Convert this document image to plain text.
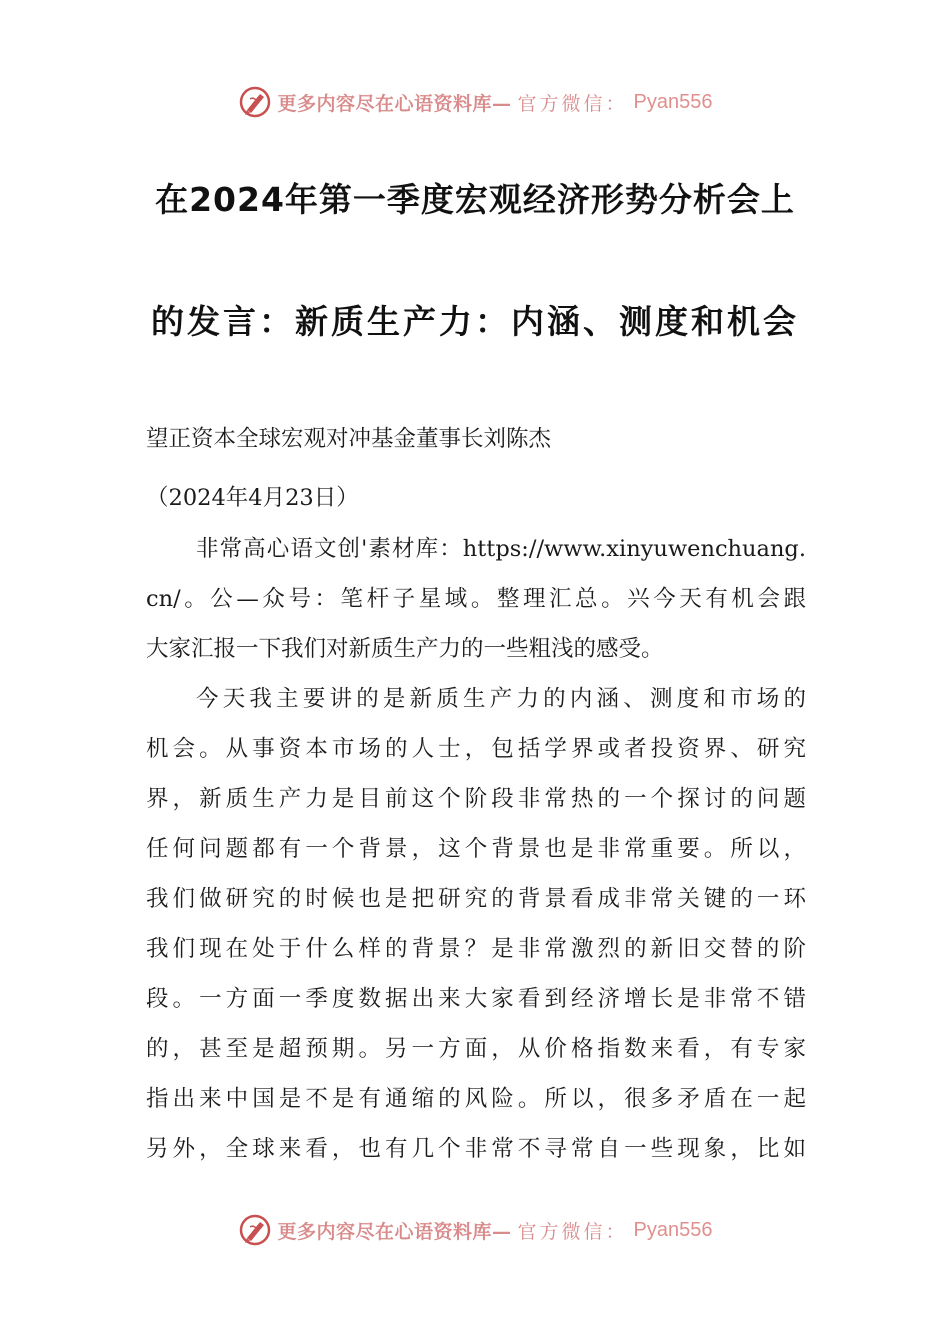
更多内容尽在心语资料库— 官方微信： Pyan556
在2024年第一季度宏观经济形势分析会上
的发言：新质生产力：内涵、测度和机会
望正资本全球宏观对冲基金董事长刘陈杰
（2024年4月23日）
非常高心语文创'素材库：https://www.xinyuwenchuang.
cn/。公—众号：笔杆子星域。整理汇总。兴今天有机会跟
大家汇报一下我们对新质生产力的一些粗浅的感受。
今天我主要讲的是新质生产力的内涵、测度和市场的
机会。从事资本市场的人士，包括学界或者投资界、研究
界，新质生产力是目前这个阶段非常热的一个探讨的问题
任何问题都有一个背景，这个背景也是非常重要。所以，
我们做研究的时候也是把研究的背景看成非常关键的一环
我们现在处于什么样的背景？是非常激烈的新旧交替的阶
段。一方面一季度数据出来大家看到经济增长是非常不错
的，甚至是超预期。另一方面，从价格指数来看，有专家
指出来中国是不是有通缩的风险。所以，很多矛盾在一起
另外，全球来看，也有几个非常不寻常自一些现象，比如
更多内容尽在心语资料库— 官方微信： Pyan556
